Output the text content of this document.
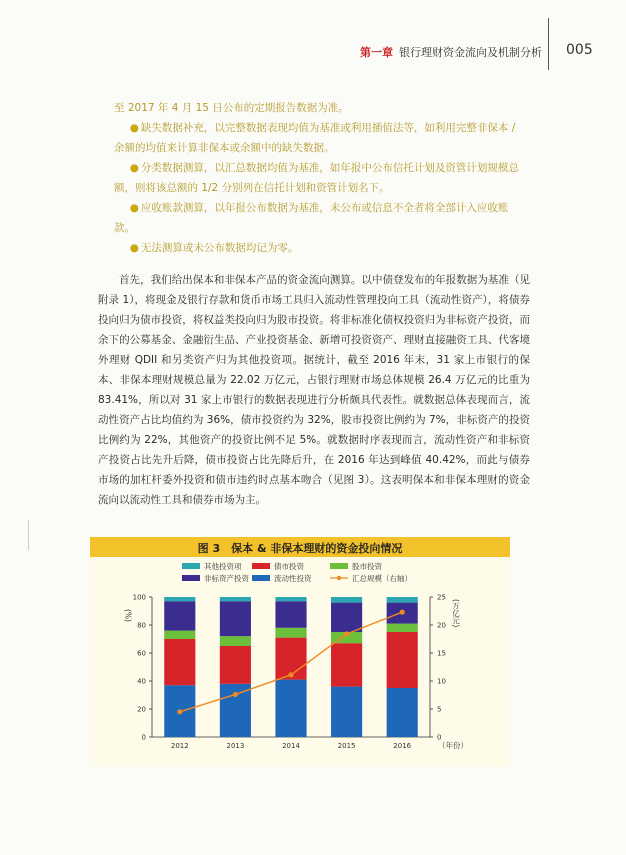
第一章 银行理财资金流向及机制分析 005

至 2017 年 4 月 15 日公布的定期报告数据为准。

● 缺失数据补充，以完整数据表现均值为基准或利用插值法等，如利用完整非保本 / 余额的均值来计算非保本或余额中的缺失数据。

● 分类数据测算，以汇总数据均值为基准，如年报中公布信托计划及资管计划规模总额，则将该总额的 1/2 分别列在信托计划和资管计划名下。

● 应收账款测算，以年报公布数据为基准，未公布或信息不全者将全部计入应收账款。

● 无法测算或未公布数据均记为零。

首先，我们给出保本和非保本产品的资金流向测算。以中债登发布的年报数据为基准（见附录 1），将现金及银行存款和货币市场工具归入流动性管理投向工具（流动性资产），将债券投向归为债市投资，将权益类投向归为股市投资。将非标准化债权投资归为非标资产投资，而余下的公募基金、金融衍生品、产业投资基金、新增可投资资产、理财直接融资工具、代客境外理财 QDII 和另类资产归为其他投资项。据统计，截至 2016 年末，31 家上市银行的保本、非保本理财规模总量为 22.02 万亿元，占银行理财市场总体规模 26.4 万亿元的比重为 83.41%，所以对 31 家上市银行的数据表现进行分析颇具代表性。就数据总体表现而言，流动性资产占比均值约为 36%，债市投资约为 32%，股市投资比例约为 7%，非标资产的投资比例约为 22%，其他资产的投资比例不足 5%。就数据时序表现而言，流动性资产和非标资产投资占比先升后降，债市投资占比先降后升，在 2016 年达到峰值 40.42%，而此与债券市场的加杠杆委外投资和债市违约时点基本吻合（见图 3）。这表明保本和非保本理财的资金流向以流动性工具和债券市场为主。

图 3　保本 & 非保本理财的资金投向情况
其他投资项	债市投资	股市投资
非标资产投资	流动性投资	汇总规模（右轴）
0
20
40
60
80
100
0
5
10
15
20
25
(%)	(万亿元)
（年份）
2012	2013	2014	2015	2016
